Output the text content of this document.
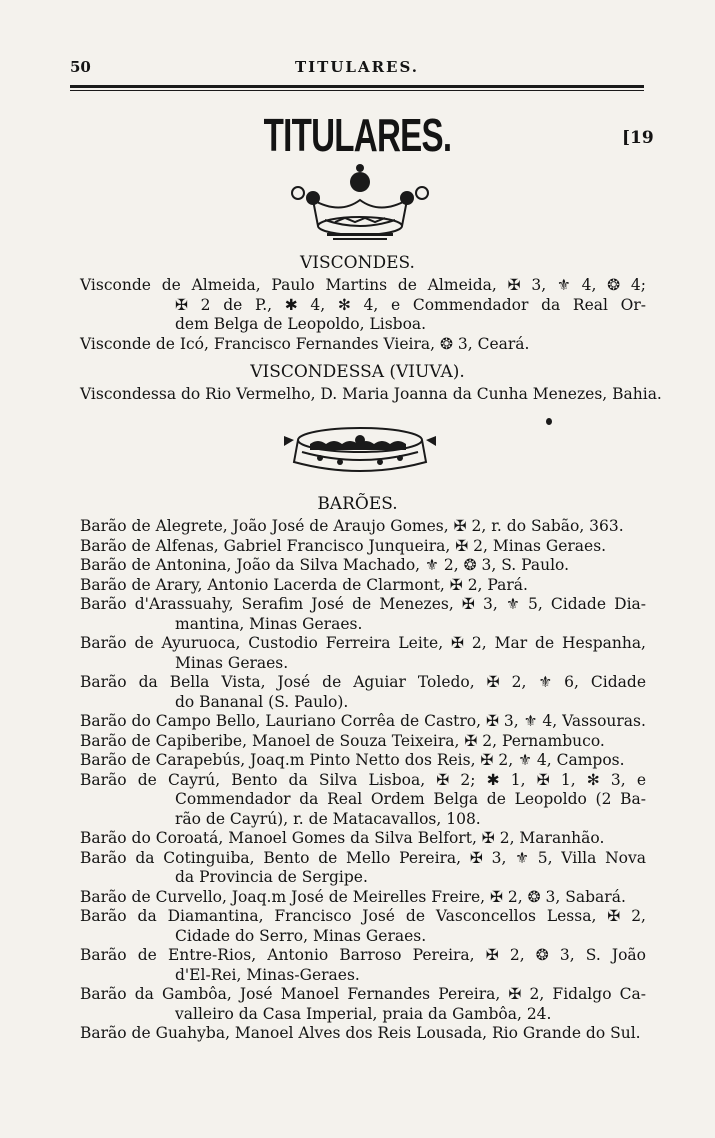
50	TITULARES.
TITULARES.	[19
VISCONDES.
Visconde de Almeida, Paulo Martins de Almeida, ✠ 3, ⚜ 4, ❂ 4;
✠ 2 de P., ✱ 4, ✻ 4, e Commendador da Real Or-
dem Belga de Leopoldo, Lisboa.
Visconde de Icó, Francisco Fernandes Vieira, ❂ 3, Ceará.
VISCONDESSA (VIUVA).
Viscondessa do Rio Vermelho, D. Maria Joanna da Cunha Menezes, Bahia.
BARÕES.
Barão de Alegrete, João José de Araujo Gomes, ✠ 2, r. do Sabão, 363.
Barão de Alfenas, Gabriel Francisco Junqueira, ✠ 2, Minas Geraes.
Barão de Antonina, João da Silva Machado, ⚜ 2, ❂ 3, S. Paulo.
Barão de Arary, Antonio Lacerda de Clarmont, ✠ 2, Pará.
Barão d'Arassuahy, Serafim José de Menezes, ✠ 3, ⚜ 5, Cidade Dia-
mantina, Minas Geraes.
Barão de Ayuruoca, Custodio Ferreira Leite, ✠ 2, Mar de Hespanha,
Minas Geraes.
Barão da Bella Vista, José de Aguiar Toledo, ✠ 2, ⚜ 6, Cidade
do Bananal (S. Paulo).
Barão do Campo Bello, Lauriano Corrêa de Castro, ✠ 3, ⚜ 4, Vassouras.
Barão de Capiberibe, Manoel de Souza Teixeira, ✠ 2, Pernambuco.
Barão de Carapebús, Joaq.m Pinto Netto dos Reis, ✠ 2, ⚜ 4, Campos.
Barão de Cayrú, Bento da Silva Lisboa, ✠ 2; ✱ 1, ✠ 1, ✻ 3, e
Commendador da Real Ordem Belga de Leopoldo (2 Ba-
rão de Cayrú), r. de Matacavallos, 108.
Barão do Coroatá, Manoel Gomes da Silva Belfort, ✠ 2, Maranhão.
Barão da Cotinguiba, Bento de Mello Pereira, ✠ 3, ⚜ 5, Villa Nova
da Provincia de Sergipe.
Barão de Curvello, Joaq.m José de Meirelles Freire, ✠ 2, ❂ 3, Sabará.
Barão da Diamantina, Francisco José de Vasconcellos Lessa, ✠ 2,
Cidade do Serro, Minas Geraes.
Barão de Entre-Rios, Antonio Barroso Pereira, ✠ 2, ❂ 3, S. João
d'El-Rei, Minas-Geraes.
Barão da Gambôa, José Manoel Fernandes Pereira, ✠ 2, Fidalgo Ca-
valleiro da Casa Imperial, praia da Gambôa, 24.
Barão de Guahyba, Manoel Alves dos Reis Lousada, Rio Grande do Sul.
